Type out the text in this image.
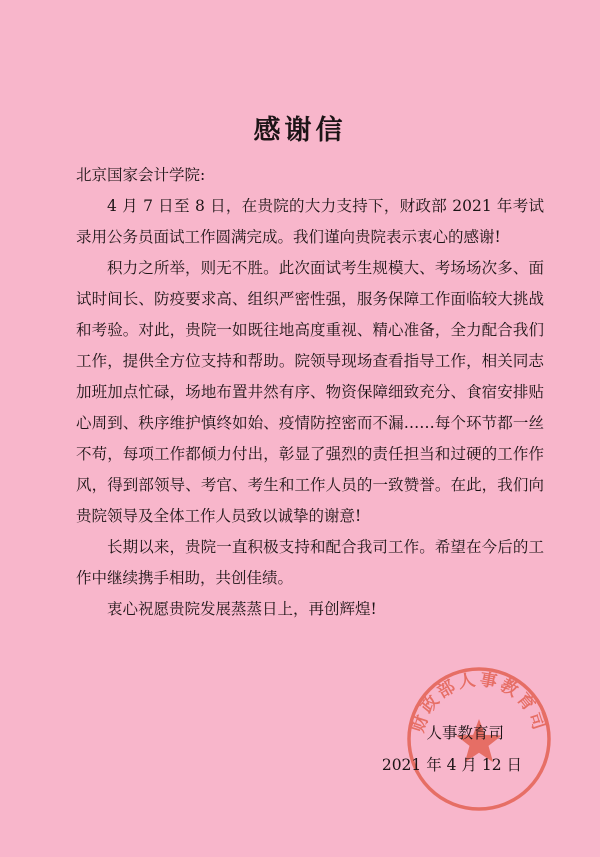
感谢信

北京国家会计学院:

4 月 7 日至 8 日，在贵院的大力支持下，财政部 2021 年考试录用公务员面试工作圆满完成。我们谨向贵院表示衷心的感谢!

积力之所举，则无不胜。此次面试考生规模大、考场场次多、面试时间长、防疫要求高、组织严密性强，服务保障工作面临较大挑战和考验。对此，贵院一如既往地高度重视、精心准备，全力配合我们工作，提供全方位支持和帮助。院领导现场查看指导工作，相关同志加班加点忙碌，场地布置井然有序、物资保障细致充分、食宿安排贴心周到、秩序维护慎终如始、疫情防控密而不漏……每个环节都一丝不苟，每项工作都倾力付出，彰显了强烈的责任担当和过硬的工作作风，得到部领导、考官、考生和工作人员的一致赞誉。在此，我们向贵院领导及全体工作人员致以诚挚的谢意!

长期以来，贵院一直积极支持和配合我司工作。希望在今后的工作中继续携手相助，共创佳绩。

衷心祝愿贵院发展蒸蒸日上，再创辉煌!

财政部人事教育司
人事教育司
2021 年 4 月 12 日
